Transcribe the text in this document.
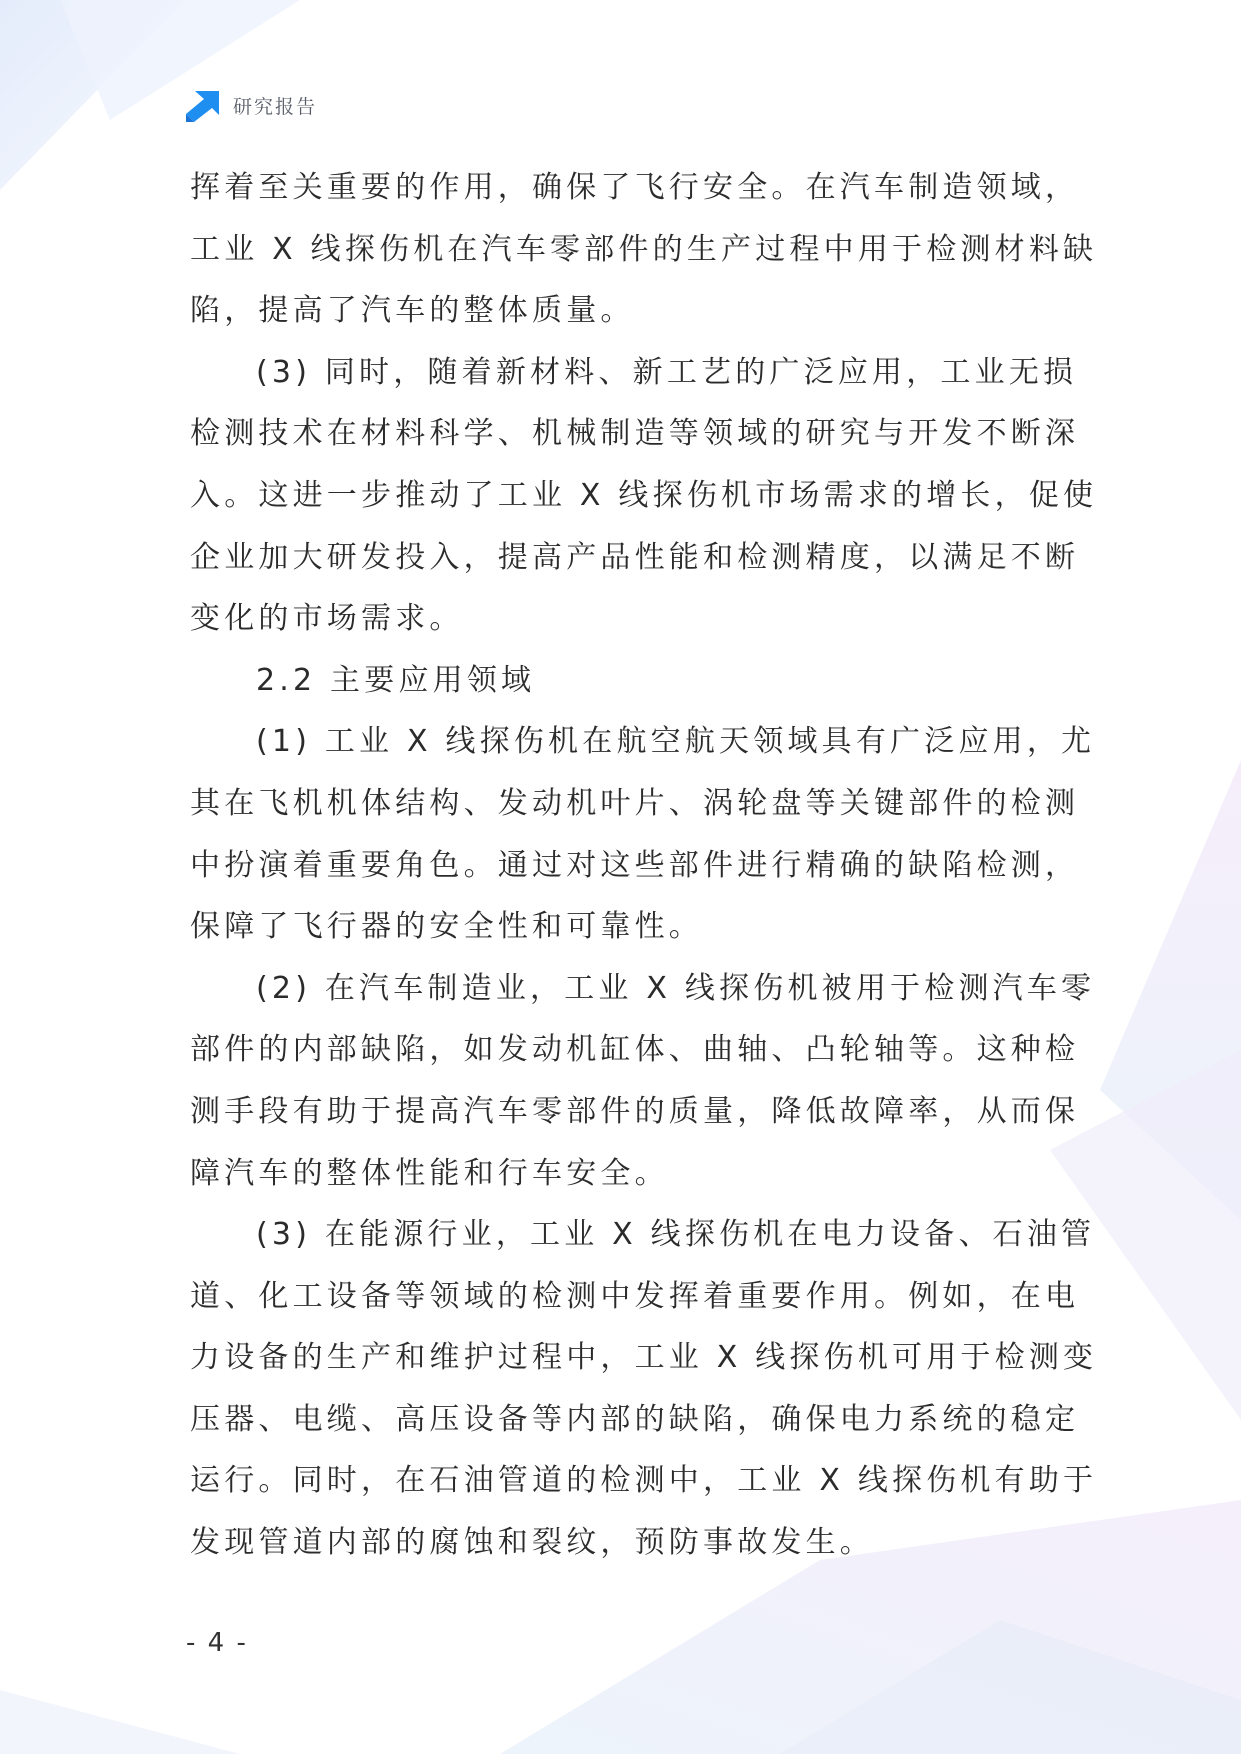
研究报告
挥着至关重要的作用，确保了飞行安全。在汽车制造领域，
工业 X 线探伤机在汽车零部件的生产过程中用于检测材料缺
陷，提高了汽车的整体质量。
(3) 同时，随着新材料、新工艺的广泛应用，工业无损
检测技术在材料科学、机械制造等领域的研究与开发不断深
入。这进一步推动了工业 X 线探伤机市场需求的增长，促使
企业加大研发投入，提高产品性能和检测精度，以满足不断
变化的市场需求。
2.2 主要应用领域
(1) 工业 X 线探伤机在航空航天领域具有广泛应用，尤
其在飞机机体结构、发动机叶片、涡轮盘等关键部件的检测
中扮演着重要角色。通过对这些部件进行精确的缺陷检测，
保障了飞行器的安全性和可靠性。
(2) 在汽车制造业，工业 X 线探伤机被用于检测汽车零
部件的内部缺陷，如发动机缸体、曲轴、凸轮轴等。这种检
测手段有助于提高汽车零部件的质量，降低故障率，从而保
障汽车的整体性能和行车安全。
(3) 在能源行业，工业 X 线探伤机在电力设备、石油管
道、化工设备等领域的检测中发挥着重要作用。例如，在电
力设备的生产和维护过程中，工业 X 线探伤机可用于检测变
压器、电缆、高压设备等内部的缺陷，确保电力系统的稳定
运行。同时，在石油管道的检测中，工业 X 线探伤机有助于
发现管道内部的腐蚀和裂纹，预防事故发生。
- 4 -
